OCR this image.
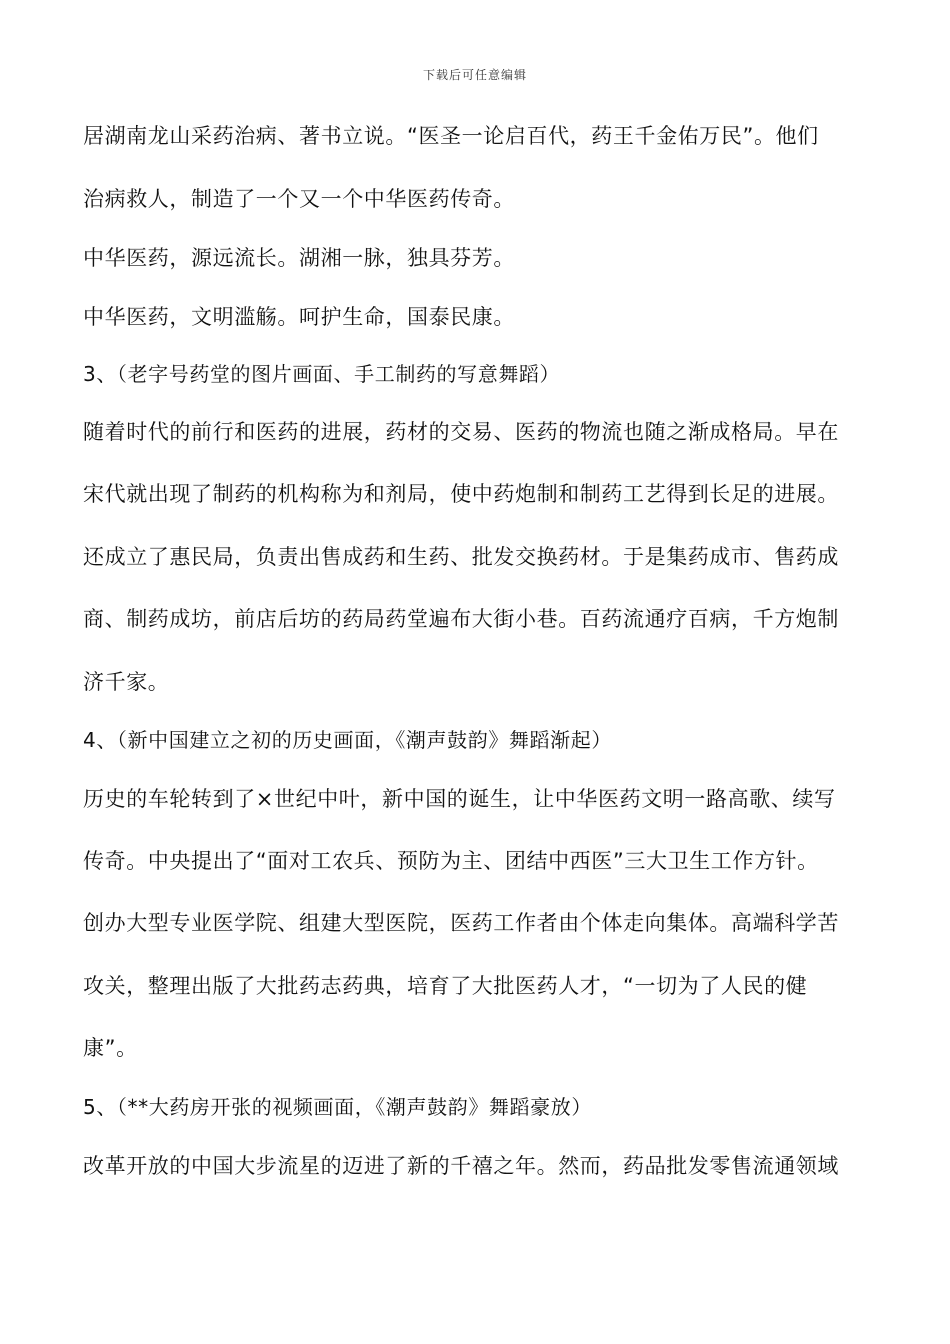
下载后可任意编辑
居湖南龙山采药治病、著书立说。“医圣一论启百代，药王千金佑万民”。他们
治病救人，制造了一个又一个中华医药传奇。
中华医药，源远流长。湖湘一脉，独具芬芳。
中华医药，文明滥觞。呵护生命，国泰民康。
3、（老字号药堂的图片画面、手工制药的写意舞蹈）
随着时代的前行和医药的进展，药材的交易、医药的物流也随之渐成格局。早在
宋代就出现了制药的机构称为和剂局，使中药炮制和制药工艺得到长足的进展。
还成立了惠民局，负责出售成药和生药、批发交换药材。于是集药成市、售药成
商、制药成坊，前店后坊的药局药堂遍布大街小巷。百药流通疗百病，千方炮制
济千家。
4、（新中国建立之初的历史画面，《潮声鼓韵》舞蹈渐起）
历史的车轮转到了×世纪中叶，新中国的诞生，让中华医药文明一路高歌、续写
传奇。中央提出了“面对工农兵、预防为主、团结中西医”三大卫生工作方针。
创办大型专业医学院、组建大型医院，医药工作者由个体走向集体。高端科学苦
攻关，整理出版了大批药志药典，培育了大批医药人才，“一切为了人民的健
康”。
5、（**大药房开张的视频画面，《潮声鼓韵》舞蹈豪放）
改革开放的中国大步流星的迈进了新的千禧之年。然而，药品批发零售流通领域
